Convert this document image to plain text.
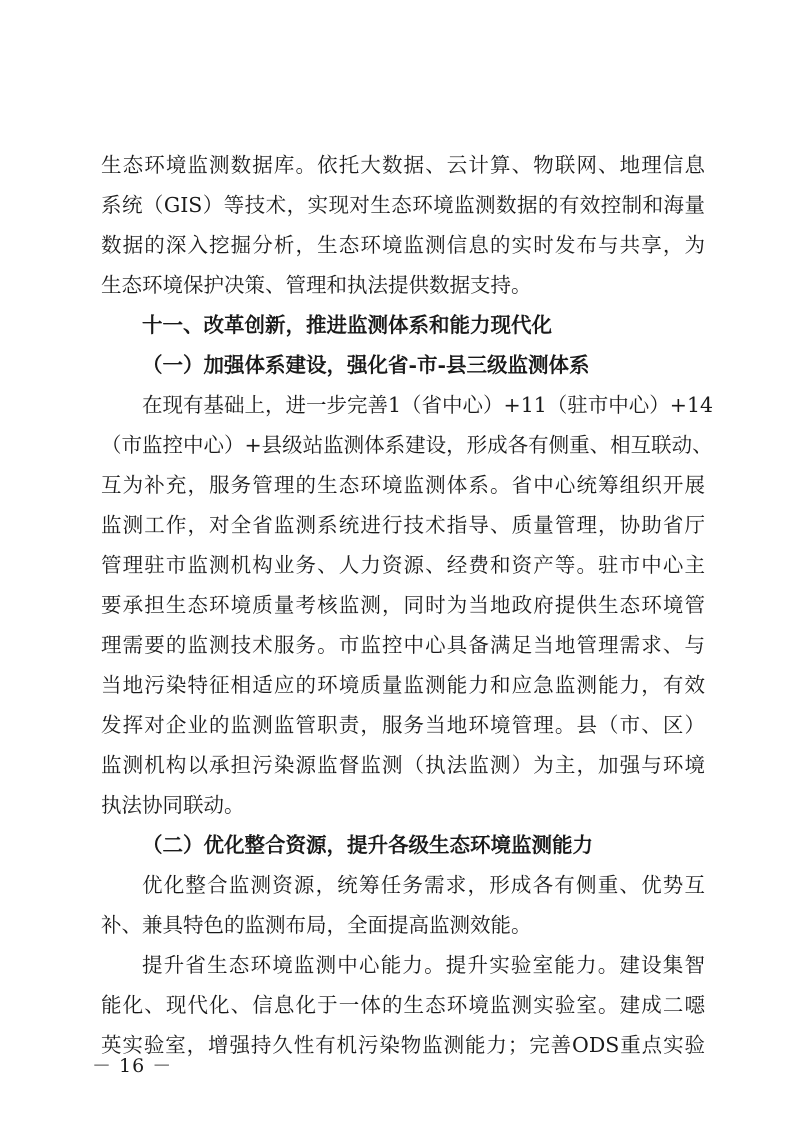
生态环境监测数据库。依托大数据、云计算、物联网、地理信息
系统（GIS）等技术，实现对生态环境监测数据的有效控制和海量
数据的深入挖掘分析，生态环境监测信息的实时发布与共享，为
生态环境保护决策、管理和执法提供数据支持。
十一、改革创新，推进监测体系和能力现代化
（一）加强体系建设，强化省-市-县三级监测体系
在现有基础上，进一步完善1（省中心）+11（驻市中心）+14
（市监控中心）+县级站监测体系建设，形成各有侧重、相互联动、
互为补充，服务管理的生态环境监测体系。省中心统筹组织开展
监测工作，对全省监测系统进行技术指导、质量管理，协助省厅
管理驻市监测机构业务、人力资源、经费和资产等。驻市中心主
要承担生态环境质量考核监测，同时为当地政府提供生态环境管
理需要的监测技术服务。市监控中心具备满足当地管理需求、与
当地污染特征相适应的环境质量监测能力和应急监测能力，有效
发挥对企业的监测监管职责，服务当地环境管理。县（市、区）
监测机构以承担污染源监督监测（执法监测）为主，加强与环境
执法协同联动。
（二）优化整合资源，提升各级生态环境监测能力
优化整合监测资源，统筹任务需求，形成各有侧重、优势互
补、兼具特色的监测布局，全面提高监测效能。
提升省生态环境监测中心能力。提升实验室能力。建设集智
能化、现代化、信息化于一体的生态环境监测实验室。建成二噁
英实验室，增强持久性有机污染物监测能力；完善ODS重点实验
－ 16 －
